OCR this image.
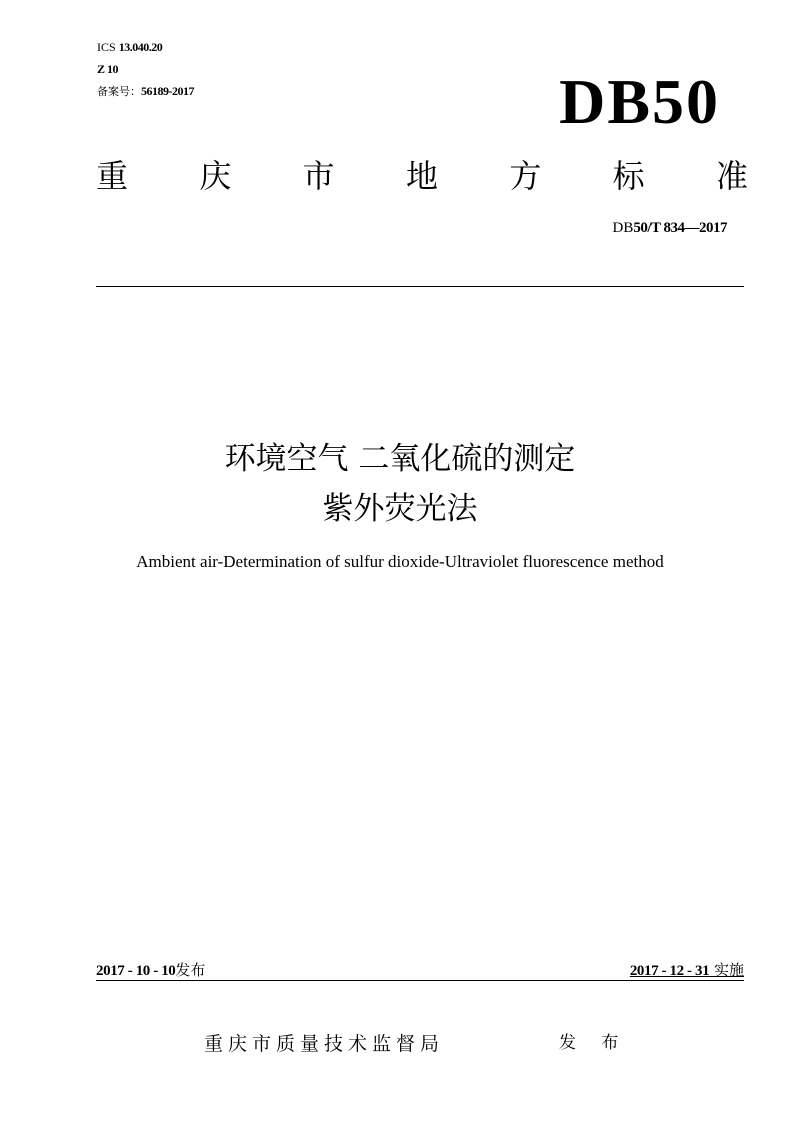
ICS 13.040.20
Z 10
备案号：56189-2017	DB50
重 庆 市 地 方 标 准
DB50/T 834—2017
环境空气 二氧化硫的测定
紫外荧光法
Ambient air-Determination of sulfur dioxide-Ultraviolet fluorescence method
2017 - 10 - 10发布	2017 - 12 - 31 实施
重庆市质量技术监督局	发 布
